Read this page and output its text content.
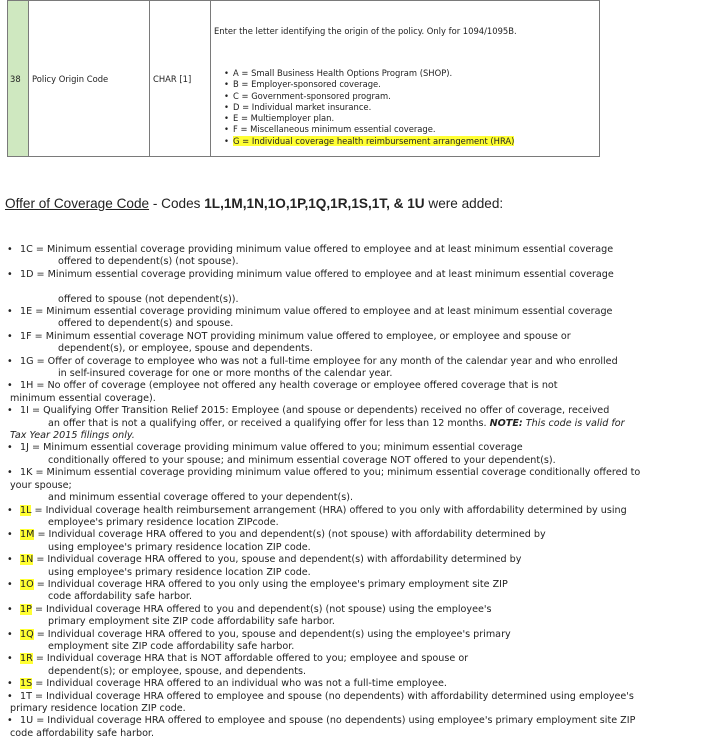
38	Policy Origin Code	CHAR [1]	
Enter the letter identifying the origin of the policy. Only for 1094/1095B.
• A = Small Business Health Options Program (SHOP).
• B = Employer-sponsored coverage.
• C = Government-sponsored program.
• D = Individual market insurance.
• E = Multiemployer plan.
• F = Miscellaneous minimum essential coverage.
• G = Individual coverage health reimbursement arrangement (HRA)
Offer of Coverage Code - Codes 1L,1M,1N,1O,1P,1Q,1R,1S,1T, & 1U were added:
• 1C = Minimum essential coverage providing minimum value offered to employee and at least minimum essential coverage
offered to dependent(s) (not spouse).
• 1D = Minimum essential coverage providing minimum value offered to employee and at least minimum essential coverage
offered to spouse (not dependent(s)).
• 1E = Minimum essential coverage providing minimum value offered to employee and at least minimum essential coverage
offered to dependent(s) and spouse.
• 1F = Minimum essential coverage NOT providing minimum value offered to employee, or employee and spouse or
dependent(s), or employee, spouse and dependents.
• 1G = Offer of coverage to employee who was not a full-time employee for any month of the calendar year and who enrolled
in self-insured coverage for one or more months of the calendar year.
• 1H = No offer of coverage (employee not offered any health coverage or employee offered coverage that is not
minimum essential coverage).
• 1I = Qualifying Offer Transition Relief 2015: Employee (and spouse or dependents) received no offer of coverage, received
an offer that is not a qualifying offer, or received a qualifying offer for less than 12 months. NOTE: This code is valid for
Tax Year 2015 filings only.
• 1J = Minimum essential coverage providing minimum value offered to you; minimum essential coverage
conditionally offered to your spouse; and minimum essential coverage NOT offered to your dependent(s).
• 1K = Minimum essential coverage providing minimum value offered to you; minimum essential coverage conditionally offered to
your spouse;
and minimum essential coverage offered to your dependent(s).
• 1L = Individual coverage health reimbursement arrangement (HRA) offered to you only with affordability determined by using
employee's primary residence location ZIPcode.
• 1M = Individual coverage HRA offered to you and dependent(s) (not spouse) with affordability determined by
using employee's primary residence location ZIP code.
• 1N = Individual coverage HRA offered to you, spouse and dependent(s) with affordability determined by
using employee's primary residence location ZIP code.
• 1O = Individual coverage HRA offered to you only using the employee's primary employment site ZIP
code affordability safe harbor.
• 1P = Individual coverage HRA offered to you and dependent(s) (not spouse) using the employee's
primary employment site ZIP code affordability safe harbor.
• 1Q = Individual coverage HRA offered to you, spouse and dependent(s) using the employee's primary
employment site ZIP code affordability safe harbor.
• 1R = Individual coverage HRA that is NOT affordable offered to you; employee and spouse or
dependent(s); or employee, spouse, and dependents.
• 1S = Individual coverage HRA offered to an individual who was not a full-time employee.
• 1T = Individual coverage HRA offered to employee and spouse (no dependents) with affordability determined using employee's
primary residence location ZIP code.
• 1U = Individual coverage HRA offered to employee and spouse (no dependents) using employee's primary employment site ZIP
code affordability safe harbor.
